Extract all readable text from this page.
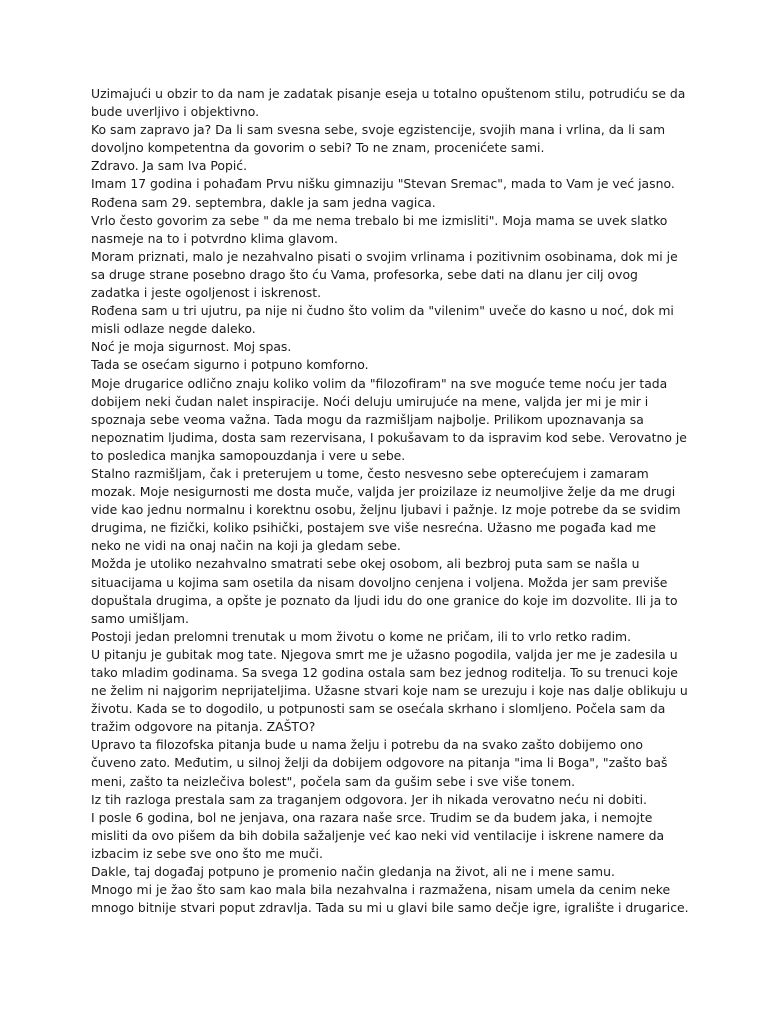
Uzimajući u obzir to da nam je zadatak pisanje eseja u totalno opuštenom stilu, potrudiću se da bude uverljivo i objektivno.

Ko sam zapravo ja? Da li sam svesna sebe, svoje egzistencije, svojih mana i vrlina, da li sam dovoljno kompetentna da govorim o sebi? To ne znam, procenićete sami.

Zdravo. Ja sam Iva Popić.

Imam 17 godina i pohađam Prvu nišku gimnaziju "Stevan Sremac", mada to Vam je već jasno.

Rođena sam 29. septembra, dakle ja sam jedna vagica.

Vrlo često govorim za sebe " da me nema trebalo bi me izmisliti". Moja mama se uvek slatko nasmeje na to i potvrdno klima glavom.

Moram priznati, malo je nezahvalno pisati o svojim vrlinama i pozitivnim osobinama, dok mi je sa druge strane posebno drago što ću Vama, profesorka, sebe dati na dlanu jer cilj ovog zadatka i jeste ogoljenost i iskrenost.

Rođena sam u tri ujutru, pa nije ni čudno što volim da "vilenim" uveče do kasno u noć, dok mi misli odlaze negde daleko.

Noć je moja sigurnost. Moj spas.

Tada se osećam sigurno i potpuno komforno.

Moje drugarice odlično znaju koliko volim da "filozofiram" na sve moguće teme noću jer tada dobijem neki čudan nalet inspiracije. Noći deluju umirujuće na mene, valjda jer mi je mir i spoznaja sebe veoma važna. Tada mogu da razmišljam najbolje. Prilikom upoznavanja sa nepoznatim ljudima, dosta sam rezervisana, I pokušavam to da ispravim kod sebe. Verovatno je to posledica manjka samopouzdanja i vere u sebe.

Stalno razmišljam, čak i preterujem u tome, često nesvesno sebe opterećujem i zamaram mozak. Moje nesigurnosti me dosta muče, valjda jer proizilaze iz neumoljive želje da me drugi vide kao jednu normalnu i korektnu osobu, željnu ljubavi i pažnje. Iz moje potrebe da se svidim drugima, ne fizički, koliko psihički, postajem sve više nesrećna. Užasno me pogađa kad me neko ne vidi na onaj način na koji ja gledam sebe.

Možda je utoliko nezahvalno smatrati sebe okej osobom, ali bezbroj puta sam se našla u situacijama u kojima sam osetila da nisam dovoljno cenjena i voljena. Možda jer sam previše dopuštala drugima, a opšte je poznato da ljudi idu do one granice do koje im dozvolite. Ili ja to samo umišljam.

Postoji jedan prelomni trenutak u mom životu o kome ne pričam, ili to vrlo retko radim.

U pitanju je gubitak mog tate. Njegova smrt me je užasno pogodila, valjda jer me je zadesila u tako mladim godinama. Sa svega 12 godina ostala sam bez jednog roditelja. To su trenuci koje ne želim ni najgorim neprijateljima. Užasne stvari koje nam se urezuju i koje nas dalje oblikuju u životu. Kada se to dogodilo, u potpunosti sam se osećala skrhano i slomljeno. Počela sam da tražim odgovore na pitanja. ZAŠTO?

Upravo ta filozofska pitanja bude u nama želju i potrebu da na svako zašto dobijemo ono čuveno zato. Međutim, u silnoj želji da dobijem odgovore na pitanja "ima li Boga", "zašto baš meni, zašto ta neizlečiva bolest", počela sam da gušim sebe i sve više tonem.

Iz tih razloga prestala sam za traganjem odgovora. Jer ih nikada verovatno neću ni dobiti.

I posle 6 godina, bol ne jenjava, ona razara naše srce. Trudim se da budem jaka, i nemojte misliti da ovo pišem da bih dobila sažaljenje već kao neki vid ventilacije i iskrene namere da izbacim iz sebe sve ono što me muči.

Dakle, taj događaj potpuno je promenio način gledanja na život, ali ne i mene samu.

Mnogo mi je žao što sam kao mala bila nezahvalna i razmažena, nisam umela da cenim neke mnogo bitnije stvari poput zdravlja. Tada su mi u glavi bile samo dečje igre, igralište i drugarice.
